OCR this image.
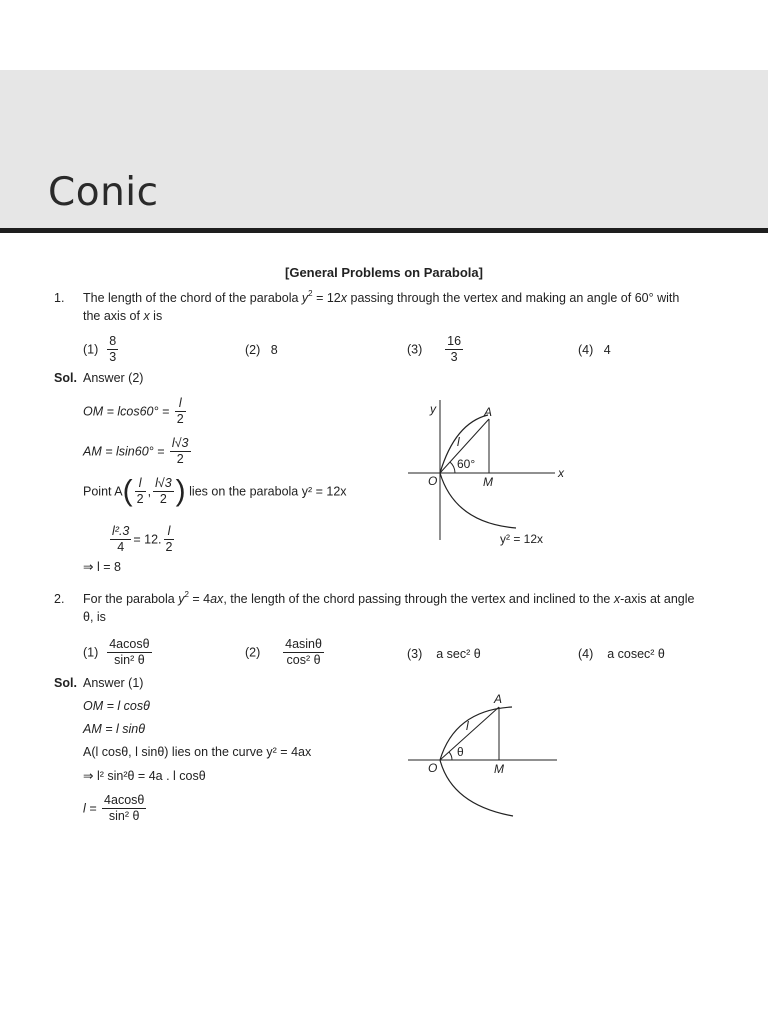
Conic
[General Problems on Parabola]
1. The length of the chord of the parabola $y^2 = 12x$ passing through the vertex and making an angle of 60° with
the axis of x is
$(1) \frac{8}{3}$	(2) 8	$(3) \frac{16}{3}$	(4) 4
Sol. Answer (2)
OM = $lcos60^\circ = \frac{l}{2}$
AM = $lsin60^\circ = \frac{l√3}{2}$
Point $A( \frac{l}{2}$ , $\frac{l√3}{2}$ ) lies on the parabola y² = 12x
$\frac{\text{l².3}}{4} = 12$. $\frac{l}{2}$
⇒ l = 8
y
x
O
A
M
l
60°
y² = 12x
2. For the parabola $y^2 = 4ax$, the length of the chord passing through the vertex and inclined to the x-axis at angle
θ, is
$(1) \frac{4acos\theta}{\text{sin² θ}}$	$(2) \frac{4asin\theta}{\text{cos² θ}}$	(3) a sec² θ	(4) a cosec² θ
Sol. Answer (1)
OM = l cosθ
AM = l sinθ
A(l cosθ, l sinθ) lies on the curve y² = 4ax
⇒ l² sin²θ = 4a . l cosθ
$l = \frac{4acos\theta}{\text{sin² θ}}$
O
A
M
l
θ
